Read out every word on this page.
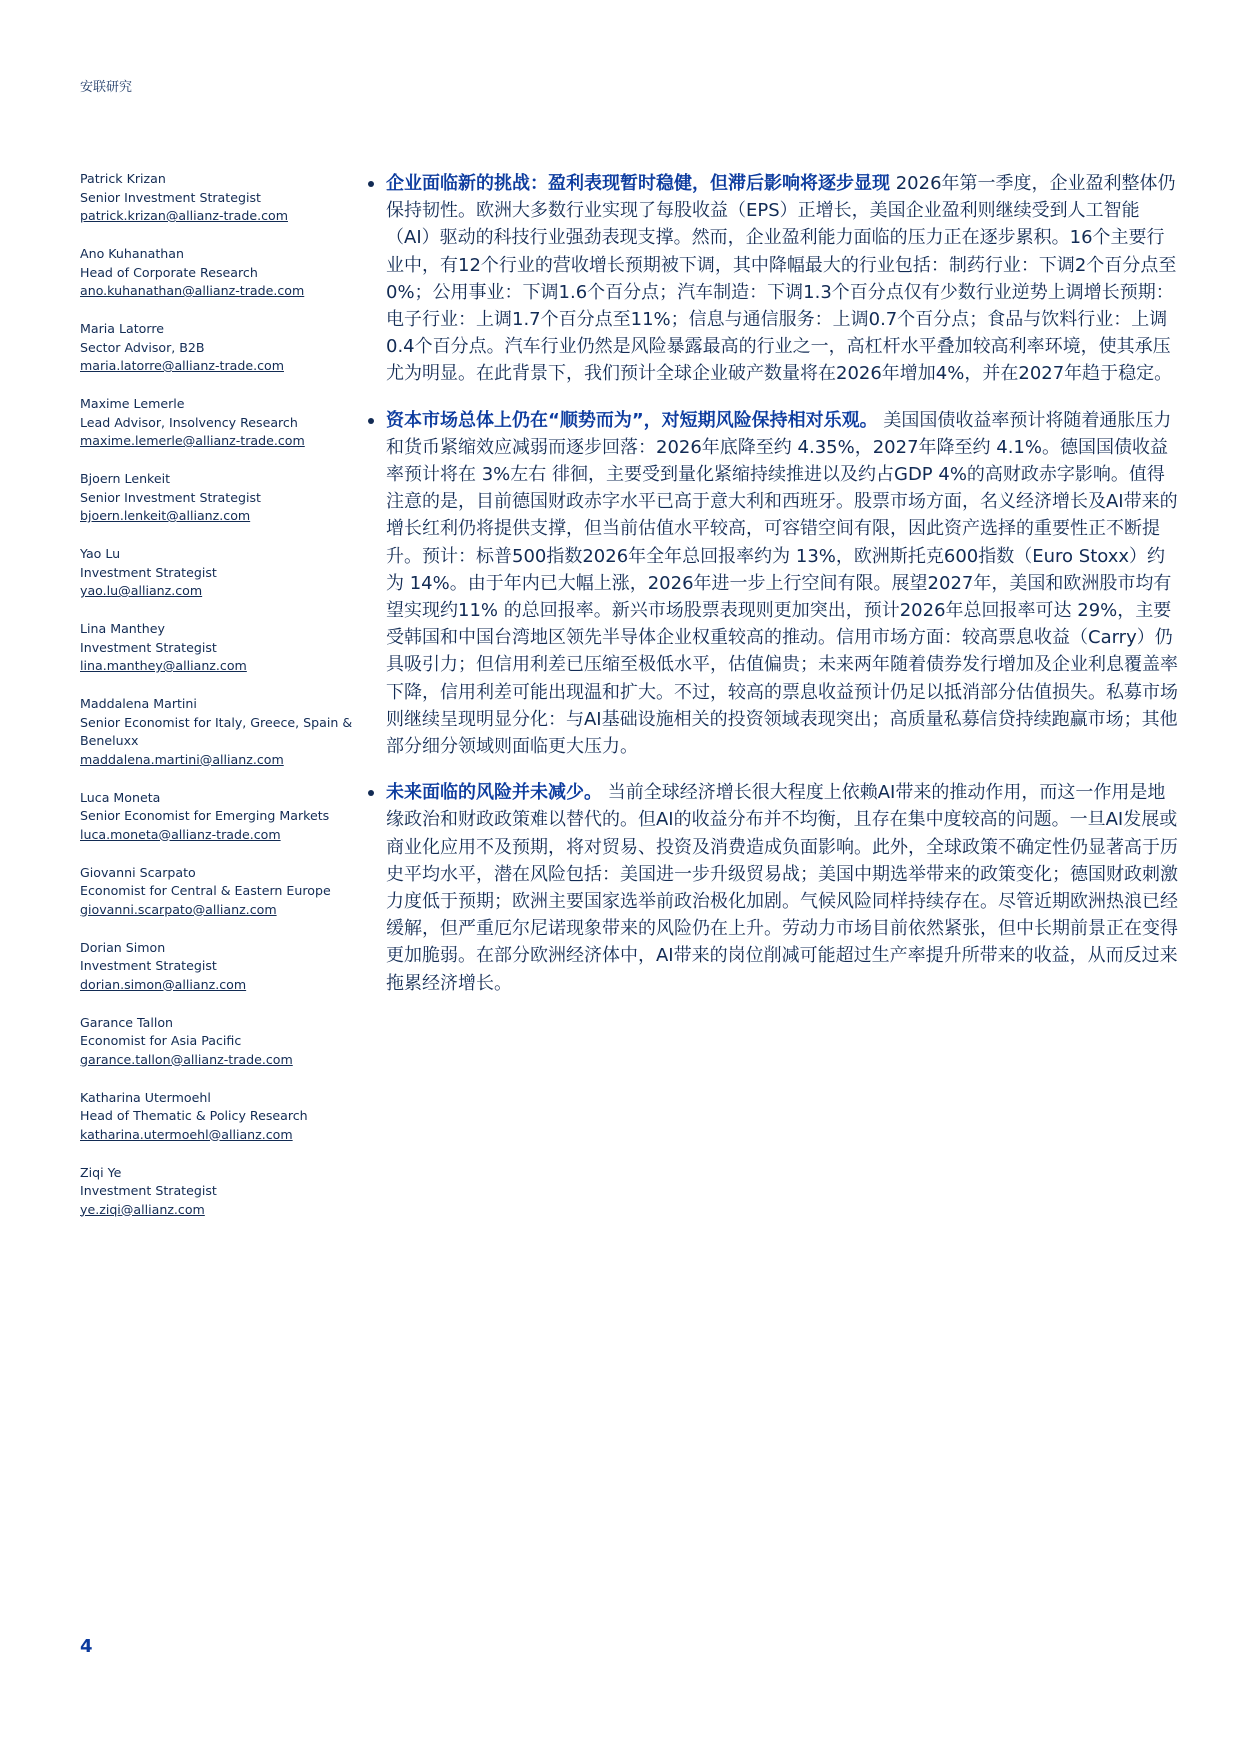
安联研究
Patrick Krizan
Senior Investment Strategist
patrick.krizan@allianz-trade.com
Ano Kuhanathan
Head of Corporate Research
ano.kuhanathan@allianz-trade.com
Maria Latorre
Sector Advisor, B2B
maria.latorre@allianz-trade.com
Maxime Lemerle
Lead Advisor, Insolvency Research
maxime.lemerle@allianz-trade.com
Bjoern Lenkeit
Senior Investment Strategist
bjoern.lenkeit@allianz.com
Yao Lu
Investment Strategist
yao.lu@allianz.com
Lina Manthey
Investment Strategist
lina.manthey@allianz.com
Maddalena Martini
Senior Economist for Italy, Greece, Spain & Beneluxx
maddalena.martini@allianz.com
Luca Moneta
Senior Economist for Emerging Markets
luca.moneta@allianz-trade.com
Giovanni Scarpato
Economist for Central & Eastern Europe
giovanni.scarpato@allianz.com
Dorian Simon
Investment Strategist
dorian.simon@allianz.com
Garance Tallon
Economist for Asia Pacific
garance.tallon@allianz-trade.com
Katharina Utermoehl
Head of Thematic & Policy Research
katharina.utermoehl@allianz.com
Ziqi Ye
Investment Strategist
ye.ziqi@allianz.com
企业面临新的挑战：盈利表现暂时稳健，但滞后影响将逐步显现 2026年第一季度，企业盈利整体仍保持韧性。欧洲大多数行业实现了每股收益（EPS）正增长，美国企业盈利则继续受到人工智能（AI）驱动的科技行业强劲表现支撑。然而，企业盈利能力面临的压力正在逐步累积。16个主要行业中，有12个行业的营收增长预期被下调，其中降幅最大的行业包括：制药行业：下调2个百分点至0%；公用事业：下调1.6个百分点；汽车制造：下调1.3个百分点仅有少数行业逆势上调增长预期：电子行业：上调1.7个百分点至11%；信息与通信服务：上调0.7个百分点；食品与饮料行业：上调0.4个百分点。汽车行业仍然是风险暴露最高的行业之一，高杠杆水平叠加较高利率环境，使其承压尤为明显。在此背景下，我们预计全球企业破产数量将在2026年增加4%，并在2027年趋于稳定。
资本市场总体上仍在“顺势而为”，对短期风险保持相对乐观。 美国国债收益率预计将随着通胀压力和货币紧缩效应减弱而逐步回落：2026年底降至约 4.35%，2027年降至约 4.1%。德国国债收益率预计将在 3%左右 徘徊，主要受到量化紧缩持续推进以及约占GDP 4%的高财政赤字影响。值得注意的是，目前德国财政赤字水平已高于意大利和西班牙。股票市场方面，名义经济增长及AI带来的增长红利仍将提供支撑，但当前估值水平较高，可容错空间有限，因此资产选择的重要性正不断提升。预计：标普500指数2026年全年总回报率约为 13%，欧洲斯托克600指数（Euro Stoxx）约为 14%。由于年内已大幅上涨，2026年进一步上行空间有限。展望2027年，美国和欧洲股市均有望实现约11% 的总回报率。新兴市场股票表现则更加突出，预计2026年总回报率可达 29%，主要受韩国和中国台湾地区领先半导体企业权重较高的推动。信用市场方面：较高票息收益（Carry）仍具吸引力；但信用利差已压缩至极低水平，估值偏贵；未来两年随着债券发行增加及企业利息覆盖率下降，信用利差可能出现温和扩大。不过，较高的票息收益预计仍足以抵消部分估值损失。私募市场则继续呈现明显分化：与AI基础设施相关的投资领域表现突出；高质量私募信贷持续跑赢市场；其他部分细分领域则面临更大压力。
未来面临的风险并未减少。 当前全球经济增长很大程度上依赖AI带来的推动作用，而这一作用是地缘政治和财政政策难以替代的。但AI的收益分布并不均衡，且存在集中度较高的问题。一旦AI发展或商业化应用不及预期，将对贸易、投资及消费造成负面影响。此外，全球政策不确定性仍显著高于历史平均水平，潜在风险包括：美国进一步升级贸易战；美国中期选举带来的政策变化；德国财政刺激力度低于预期；欧洲主要国家选举前政治极化加剧。气候风险同样持续存在。尽管近期欧洲热浪已经缓解，但严重厄尔尼诺现象带来的风险仍在上升。劳动力市场目前依然紧张，但中长期前景正在变得更加脆弱。在部分欧洲经济体中，AI带来的岗位削减可能超过生产率提升所带来的收益，从而反过来拖累经济增长。
4
